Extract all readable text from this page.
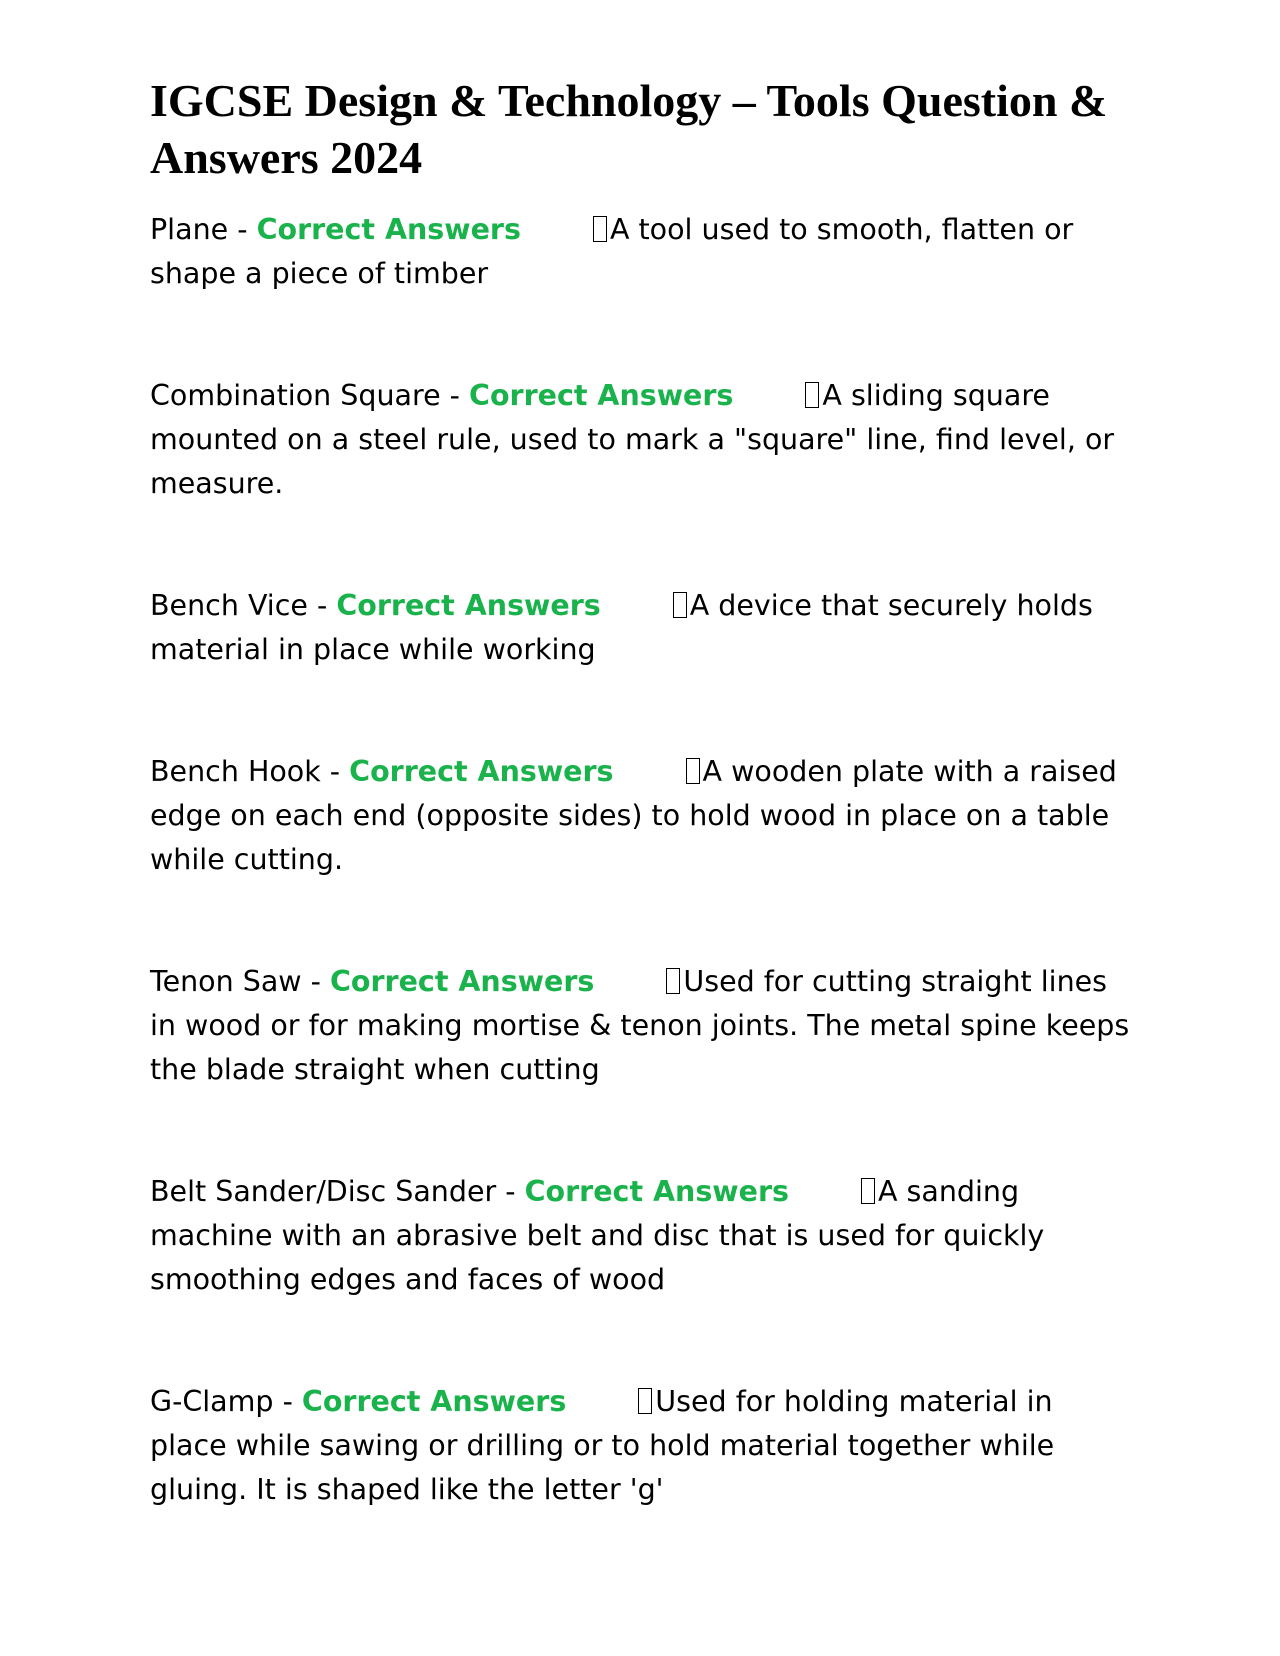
IGCSE Design & Technology – Tools Question & Answers 2024

Plane - Correct Answers	A tool used to smooth, flatten or shape a piece of timber

Combination Square - Correct Answers	A sliding square mounted on a steel rule, used to mark a "square" line, find level, or measure.

Bench Vice - Correct Answers	A device that securely holds material in place while working

Bench Hook - Correct Answers	A wooden plate with a raised edge on each end (opposite sides) to hold wood in place on a table while cutting.

Tenon Saw - Correct Answers	Used for cutting straight lines in wood or for making mortise & tenon joints. The metal spine keeps the blade straight when cutting

Belt Sander/Disc Sander - Correct Answers	A sanding machine with an abrasive belt and disc that is used for quickly smoothing edges and faces of wood

G-Clamp - Correct Answers	Used for holding material in place while sawing or drilling or to hold material together while gluing. It is shaped like the letter 'g'
